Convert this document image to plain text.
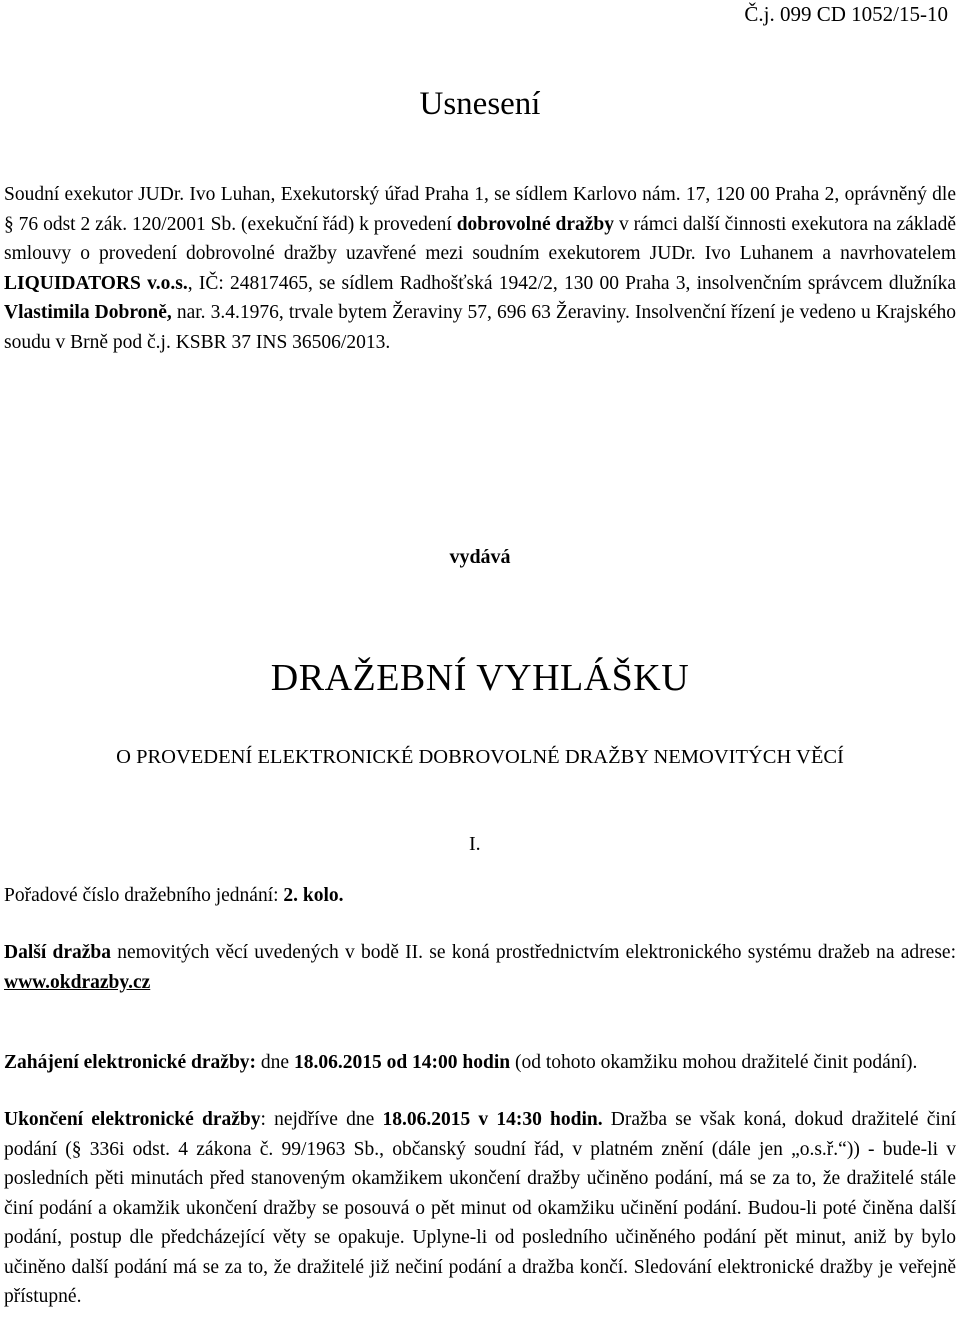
Č.j. 099 CD 1052/15-10
Usnesení
Soudní exekutor JUDr. Ivo Luhan, Exekutorský úřad Praha 1, se sídlem Karlovo nám. 17, 120 00 Praha 2, oprávněný dle § 76 odst 2 zák. 120/2001 Sb. (exekuční řád) k provedení dobrovolné dražby v rámci další činnosti exekutora na základě smlouvy o provedení dobrovolné dražby uzavřené mezi soudním exekutorem JUDr. Ivo Luhanem a navrhovatelem LIQUIDATORS v.o.s., IČ: 24817465, se sídlem Radhošťská 1942/2, 130 00 Praha 3, insolvenčním správcem dlužníka Vlastimila Dobroně, nar. 3.4.1976, trvale bytem Žeraviny 57, 696 63 Žeraviny. Insolvenční řízení je vedeno u Krajského soudu v Brně pod č.j. KSBR 37 INS 36506/2013.
vydává
DRAŽEBNÍ VYHLÁŠKU
O PROVEDENÍ ELEKTRONICKÉ DOBROVOLNÉ DRAŽBY NEMOVITÝCH VĚCÍ
I.
Pořadové číslo dražebního jednání: 2. kolo.
Další dražba nemovitých věcí uvedených v bodě II. se koná prostřednictvím elektronického systému dražeb na adrese: www.okdrazby.cz
Zahájení elektronické dražby: dne 18.06.2015 od 14:00 hodin (od tohoto okamžiku mohou dražitelé činit podání).
Ukončení elektronické dražby: nejdříve dne 18.06.2015 v 14:30 hodin. Dražba se však koná, dokud dražitelé činí podání (§ 336i odst. 4 zákona č. 99/1963 Sb., občanský soudní řád, v platném znění (dále jen „o.s.ř.“)) - bude-li v posledních pěti minutách před stanoveným okamžikem ukončení dražby učiněno podání, má se za to, že dražitelé stále činí podání a okamžik ukončení dražby se posouvá o pět minut od okamžiku učinění podání. Budou-li poté činěna další podání, postup dle předcházející věty se opakuje. Uplyne-li od posledního učiněného podání pět minut, aniž by bylo učiněno další podání má se za to, že dražitelé již nečiní podání a dražba končí. Sledování elektronické dražby je veřejně přístupné.
